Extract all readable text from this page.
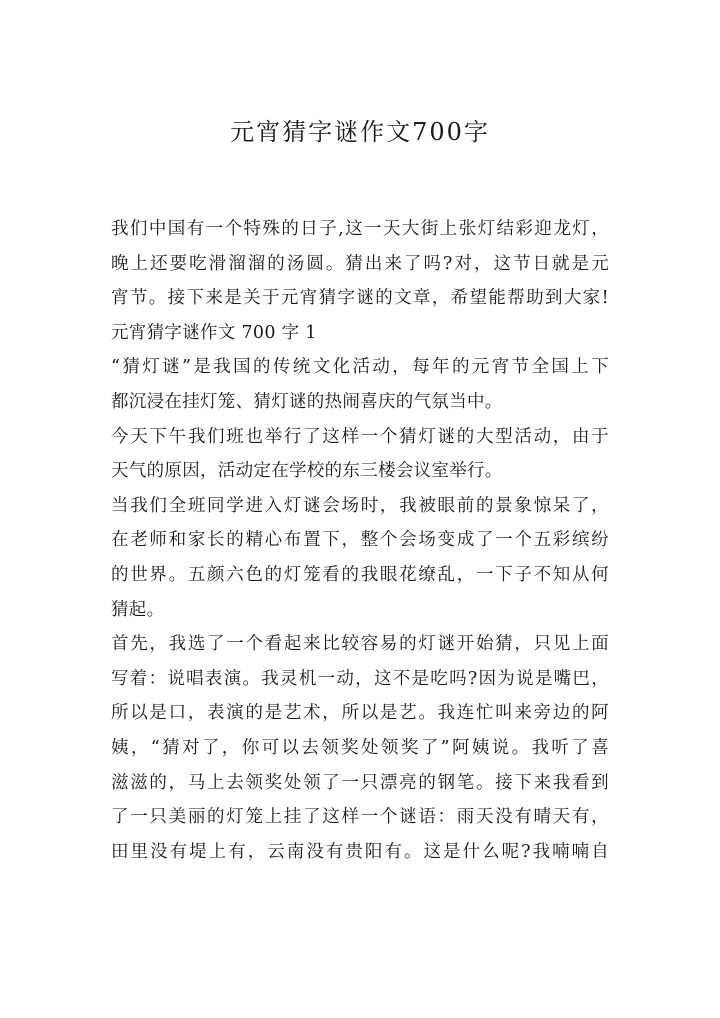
元宵猜字谜作文700字
我们中国有一个特殊的日子,这一天大街上张灯结彩迎龙灯，
晚上还要吃滑溜溜的汤圆。猜出来了吗?对，这节日就是元
宵节。接下来是关于元宵猜字谜的文章，希望能帮助到大家!
元宵猜字谜作文 700 字 1
“猜灯谜”是我国的传统文化活动，每年的元宵节全国上下
都沉浸在挂灯笼、猜灯谜的热闹喜庆的气氛当中。
今天下午我们班也举行了这样一个猜灯谜的大型活动，由于
天气的原因，活动定在学校的东三楼会议室举行。
当我们全班同学进入灯谜会场时，我被眼前的景象惊呆了，
在老师和家长的精心布置下，整个会场变成了一个五彩缤纷
的世界。五颜六色的灯笼看的我眼花缭乱，一下子不知从何
猜起。
首先，我选了一个看起来比较容易的灯谜开始猜，只见上面
写着：说唱表演。我灵机一动，这不是吃吗?因为说是嘴巴，
所以是口，表演的是艺术，所以是艺。我连忙叫来旁边的阿
姨，“猜对了，你可以去领奖处领奖了”阿姨说。我听了喜
滋滋的，马上去领奖处领了一只漂亮的钢笔。接下来我看到
了一只美丽的灯笼上挂了这样一个谜语：雨天没有晴天有，
田里没有堤上有，云南没有贵阳有。这是什么呢?我喃喃自
